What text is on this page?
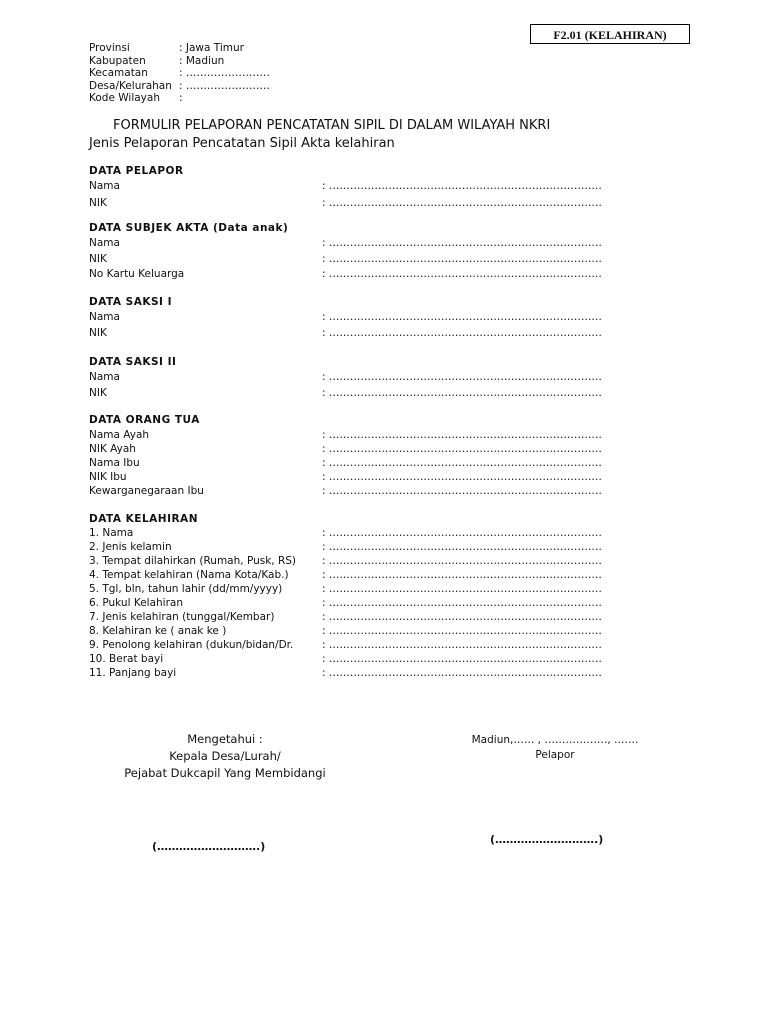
F2.01 (KELAHIRAN)
Provinsi	: Jawa Timur
Kabupaten	: Madiun
Kecamatan	: ……………………
Desa/Kelurahan : ……………………
Kode Wilayah	:
FORMULIR PELAPORAN PENCATATAN SIPIL DI DALAM WILAYAH NKRI
Jenis Pelaporan Pencatatan Sipil Akta kelahiran
DATA PELAPOR
Nama	: ……………………………………………………………………
NIK	: ……………………………………………………………………
DATA SUBJEK AKTA (Data anak)
Nama	: ……………………………………………………………………
NIK	: ……………………………………………………………………
No Kartu Keluarga	: ……………………………………………………………………
DATA SAKSI I
Nama	: ……………………………………………………………………
NIK	: ……………………………………………………………………
DATA SAKSI II
Nama	: ……………………………………………………………………
NIK	: ……………………………………………………………………
DATA ORANG TUA
Nama Ayah	: ……………………………………………………………………
NIK Ayah	: ……………………………………………………………………
Nama Ibu	: ……………………………………………………………………
NIK Ibu	: ……………………………………………………………………
Kewarganegaraan Ibu	: ……………………………………………………………………
DATA KELAHIRAN
1. Nama	: ……………………………………………………………………
2. Jenis kelamin	: ……………………………………………………………………
3. Tempat dilahirkan (Rumah, Pusk, RS) : ……………………………………………………………………
4. Tempat kelahiran (Nama Kota/Kab.)	: ……………………………………………………………………
5. Tgl, bln, tahun lahir (dd/mm/yyyy)	: ……………………………………………………………………
6. Pukul Kelahiran	: ……………………………………………………………………
7. Jenis kelahiran (tunggal/Kembar)	: ……………………………………………………………………
8. Kelahiran ke ( anak ke )	: ……………………………………………………………………
9. Penolong kelahiran (dukun/bidan/Dr.	: ……………………………………………………………………
10. Berat bayi	: ……………………………………………………………………
11. Panjang bayi	: ……………………………………………………………………
Mengetahui :
Kepala Desa/Lurah/
Pejabat Dukcapil Yang Membidangi
Madiun,…… , ………………, …….
Pelapor
(……………………….)
(……………………….)
